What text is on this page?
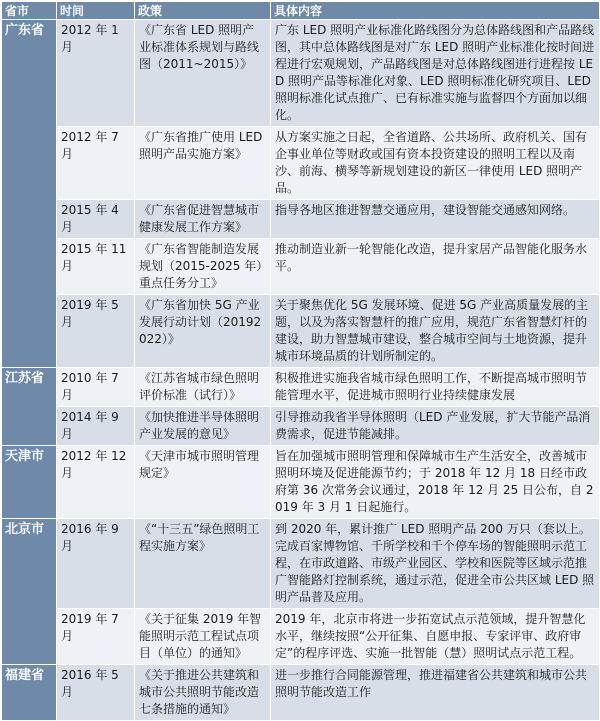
省市	时间	政策	具体内容
广东省	2012 年 1 月	《广东省 LED 照明产业标准体系规划与路线图（2011~2015）》	广东 LED 照明产业标准化路线图分为总体路线图和产品路线图，其中总体路线图是对广东 LED 照明产业标准化按时间进程进行宏观规划，产品路线图是对总体路线图进行进程按 LED 照明产品等标准化对象、LED 照明标准化研究项目、LED 照明标准化试点推广、已有标准实施与监督四个方面加以细化。
	2012 年 7 月	《广东省推广使用 LED 照明产品实施方案》	从方案实施之日起，全省道路、公共场所、政府机关、国有企事业单位等财政或国有资本投资建设的照明工程以及南沙、前海、横琴等新规划建设的新区一律使用 LED 照明产品。
	2015 年 4 月	《广东省促进智慧城市健康发展工作方案》	指导各地区推进智慧交通应用，建设智能交通感知网络。
	2015 年 11 月	《广东省智能制造发展规划（2015-2025 年）重点任务分工》	推动制造业新一轮智能化改造，提升家居产品智能化服务水平。
	2019 年 5 月	《广东省加快 5G 产业发展行动计划（20192022）》	关于聚焦优化 5G 发展环境、促进 5G 产业高质量发展的主题，以及为落实智慧杆的推广应用，规范广东省智慧灯杆的建设，助力智慧城市建设，整合城市空间与土地资源，提升城市环境品质的计划所制定的。
江苏省	2010 年 7 月	《江苏省城市绿色照明评价标准（试行）》	积极推进实施我省城市绿色照明工作，不断提高城市照明节能管理水平，促进城市照明行业持续健康发展
	2014 年 9 月	《加快推进半导体照明产业发展的意见》	引导推动我省半导体照明（LED 产业发展，扩大节能产品消费需求，促进节能减排。
天津市	2012 年 12 月	《天津市城市照明管理规定》	旨在加强城市照明管理和保障城市生产生活安全，改善城市照明环境及促进能源节约；于 2018 年 12 月 18 日经市政府第 36 次常务会议通过，2018 年 12 月 25 日公布，自 2019 年 3 月 1 日起施行。
北京市	2016 年 9 月	《“十三五”绿色照明工程实施方案》	到 2020 年，累计推广 LED 照明产品 200 万只（套以上。完成百家博物馆、千所学校和千个停车场的智能照明示范工程，在市政道路、市级产业园区、学校和医院等区域示范推广智能路灯控制系统，通过示范，促进全市公共区域 LED 照明产品普及应用。
	2019 年 7 月	《关于征集 2019 年智能照明示范工程试点项目（单位）的通知》	2019 年，北京市将进一步拓宽试点示范领域，提升智慧化水平，继续按照“公开征集、自愿申报、专家评审、政府审定”的程序评选、实施一批智能（慧）照明试点示范工程。
福建省	2016 年 5 月	《关于推进公共建筑和城市公共照明节能改造七条措施的通知》	进一步推行合同能源管理，推进福建省公共建筑和城市公共照明节能改造工作
